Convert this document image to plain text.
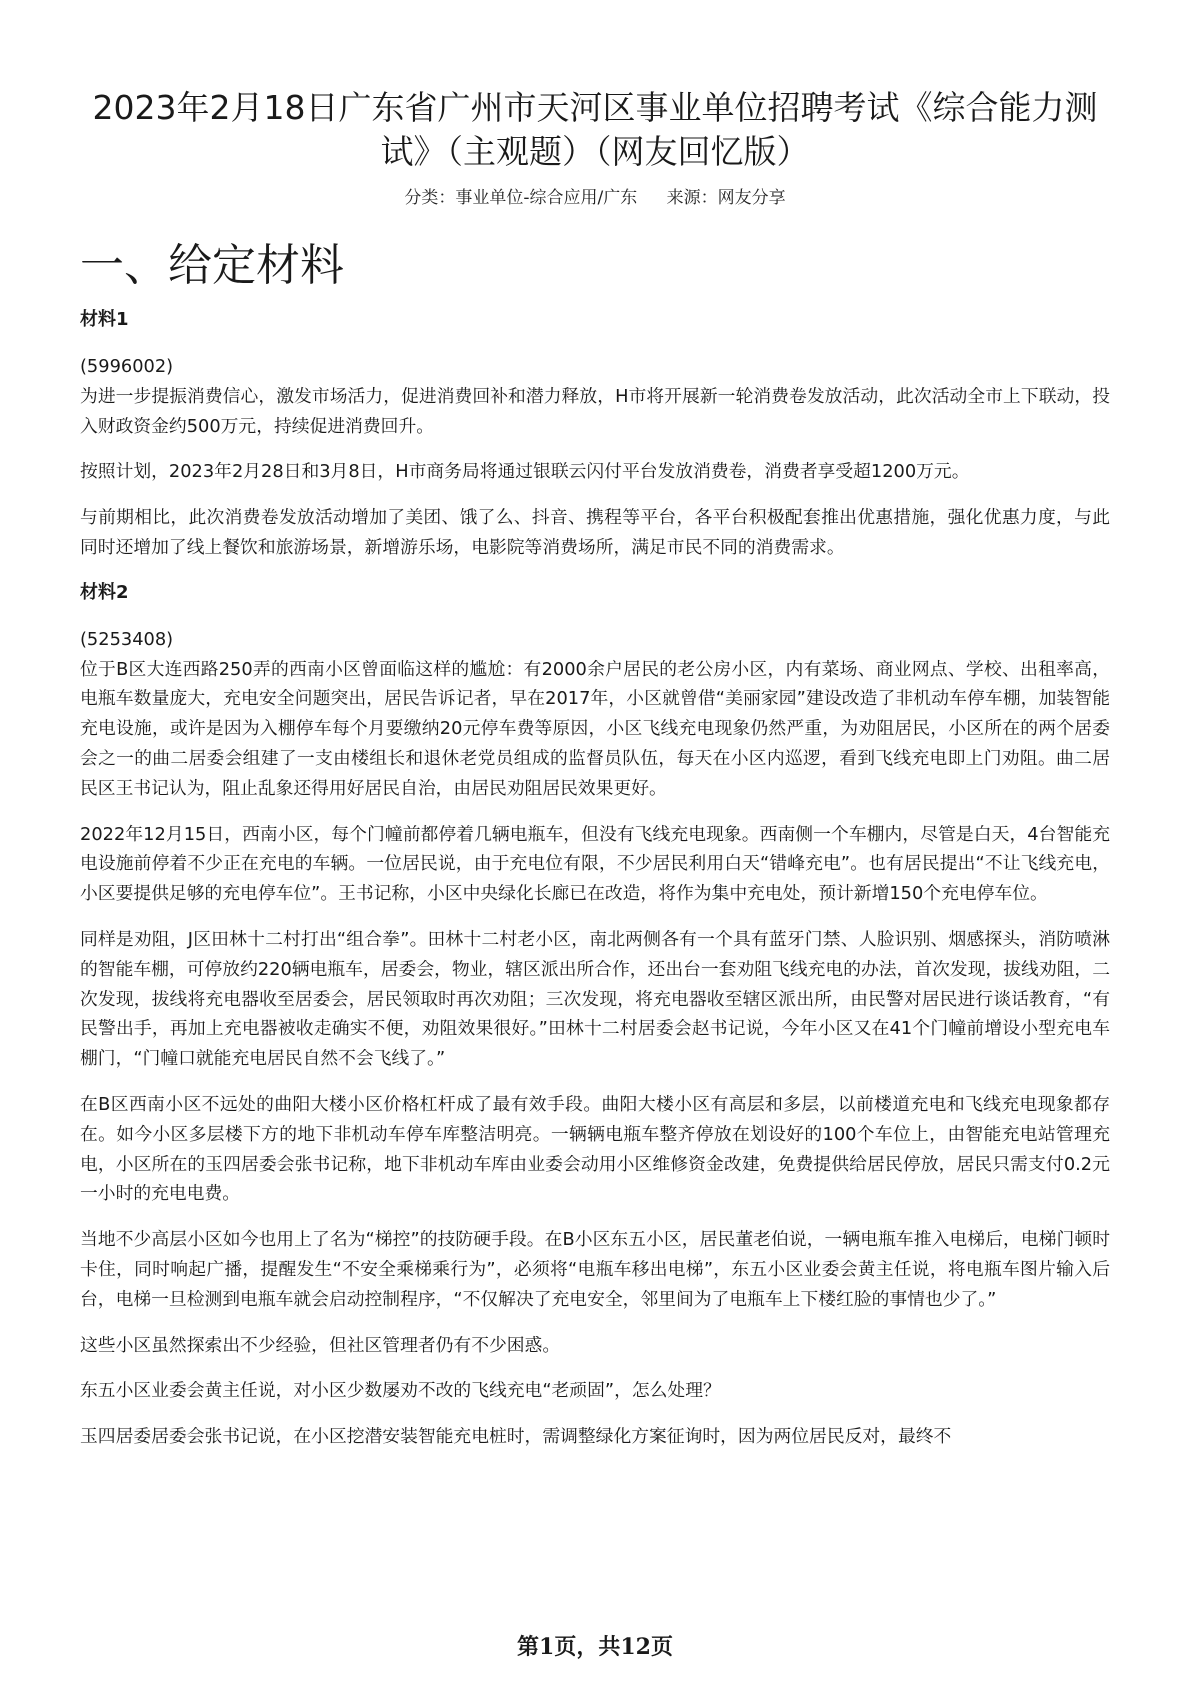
2023年2月18日广东省广州市天河区事业单位招聘考试《综合能力测试》（主观题）（网友回忆版）
分类：事业单位-综合应用/广东 来源：网友分享
一、给定材料
材料1

(5996002)

为进一步提振消费信心，激发市场活力，促进消费回补和潜力释放，H市将开展新一轮消费卷发放活动，此次活动全市上下联动，投入财政资金约500万元，持续促进消费回升。

按照计划，2023年2月28日和3月8日，H市商务局将通过银联云闪付平台发放消费卷，消费者享受超1200万元。

与前期相比，此次消费卷发放活动增加了美团、饿了么、抖音、携程等平台，各平台积极配套推出优惠措施，强化优惠力度，与此同时还增加了线上餐饮和旅游场景，新增游乐场，电影院等消费场所，满足市民不同的消费需求。

材料2

(5253408)

位于B区大连西路250弄的西南小区曾面临这样的尴尬：有2000余户居民的老公房小区，内有菜场、商业网点、学校、出租率高，电瓶车数量庞大，充电安全问题突出，居民告诉记者，早在2017年，小区就曾借“美丽家园”建设改造了非机动车停车棚，加装智能充电设施，或许是因为入棚停车每个月要缴纳20元停车费等原因，小区飞线充电现象仍然严重，为劝阻居民，小区所在的两个居委会之一的曲二居委会组建了一支由楼组长和退休老党员组成的监督员队伍，每天在小区内巡逻，看到飞线充电即上门劝阻。曲二居民区王书记认为，阻止乱象还得用好居民自治，由居民劝阻居民效果更好。

2022年12月15日，西南小区，每个门幢前都停着几辆电瓶车，但没有飞线充电现象。西南侧一个车棚内，尽管是白天，4台智能充电设施前停着不少正在充电的车辆。一位居民说，由于充电位有限，不少居民利用白天“错峰充电”。也有居民提出“不让飞线充电，小区要提供足够的充电停车位”。王书记称，小区中央绿化长廊已在改造，将作为集中充电处，预计新增150个充电停车位。

同样是劝阻，J区田林十二村打出“组合拳”。田林十二村老小区，南北两侧各有一个具有蓝牙门禁、人脸识别、烟感探头，消防喷淋的智能车棚，可停放约220辆电瓶车，居委会，物业，辖区派出所合作，还出台一套劝阻飞线充电的办法，首次发现，拔线劝阻，二次发现，拔线将充电器收至居委会，居民领取时再次劝阻；三次发现，将充电器收至辖区派出所，由民警对居民进行谈话教育，“有民警出手，再加上充电器被收走确实不便，劝阻效果很好。”田林十二村居委会赵书记说，今年小区又在41个门幢前增设小型充电车棚门，“门幢口就能充电居民自然不会飞线了。”

在B区西南小区不远处的曲阳大楼小区价格杠杆成了最有效手段。曲阳大楼小区有高层和多层，以前楼道充电和飞线充电现象都存在。如今小区多层楼下方的地下非机动车停车库整洁明亮。一辆辆电瓶车整齐停放在划设好的100个车位上，由智能充电站管理充电，小区所在的玉四居委会张书记称，地下非机动车库由业委会动用小区维修资金改建，免费提供给居民停放，居民只需支付0.2元一小时的充电电费。

当地不少高层小区如今也用上了名为“梯控”的技防硬手段。在B小区东五小区，居民董老伯说，一辆电瓶车推入电梯后，电梯门顿时卡住，同时响起广播，提醒发生“不安全乘梯乘行为”，必须将“电瓶车移出电梯”，东五小区业委会黄主任说，将电瓶车图片输入后台，电梯一旦检测到电瓶车就会启动控制程序，“不仅解决了充电安全，邻里间为了电瓶车上下楼红脸的事情也少了。”

这些小区虽然探索出不少经验，但社区管理者仍有不少困惑。

东五小区业委会黄主任说，对小区少数屡劝不改的飞线充电“老顽固”，怎么处理？

玉四居委居委会张书记说，在小区挖潜安装智能充电桩时，需调整绿化方案征询时，因为两位居民反对，最终不

第1页，共12页
